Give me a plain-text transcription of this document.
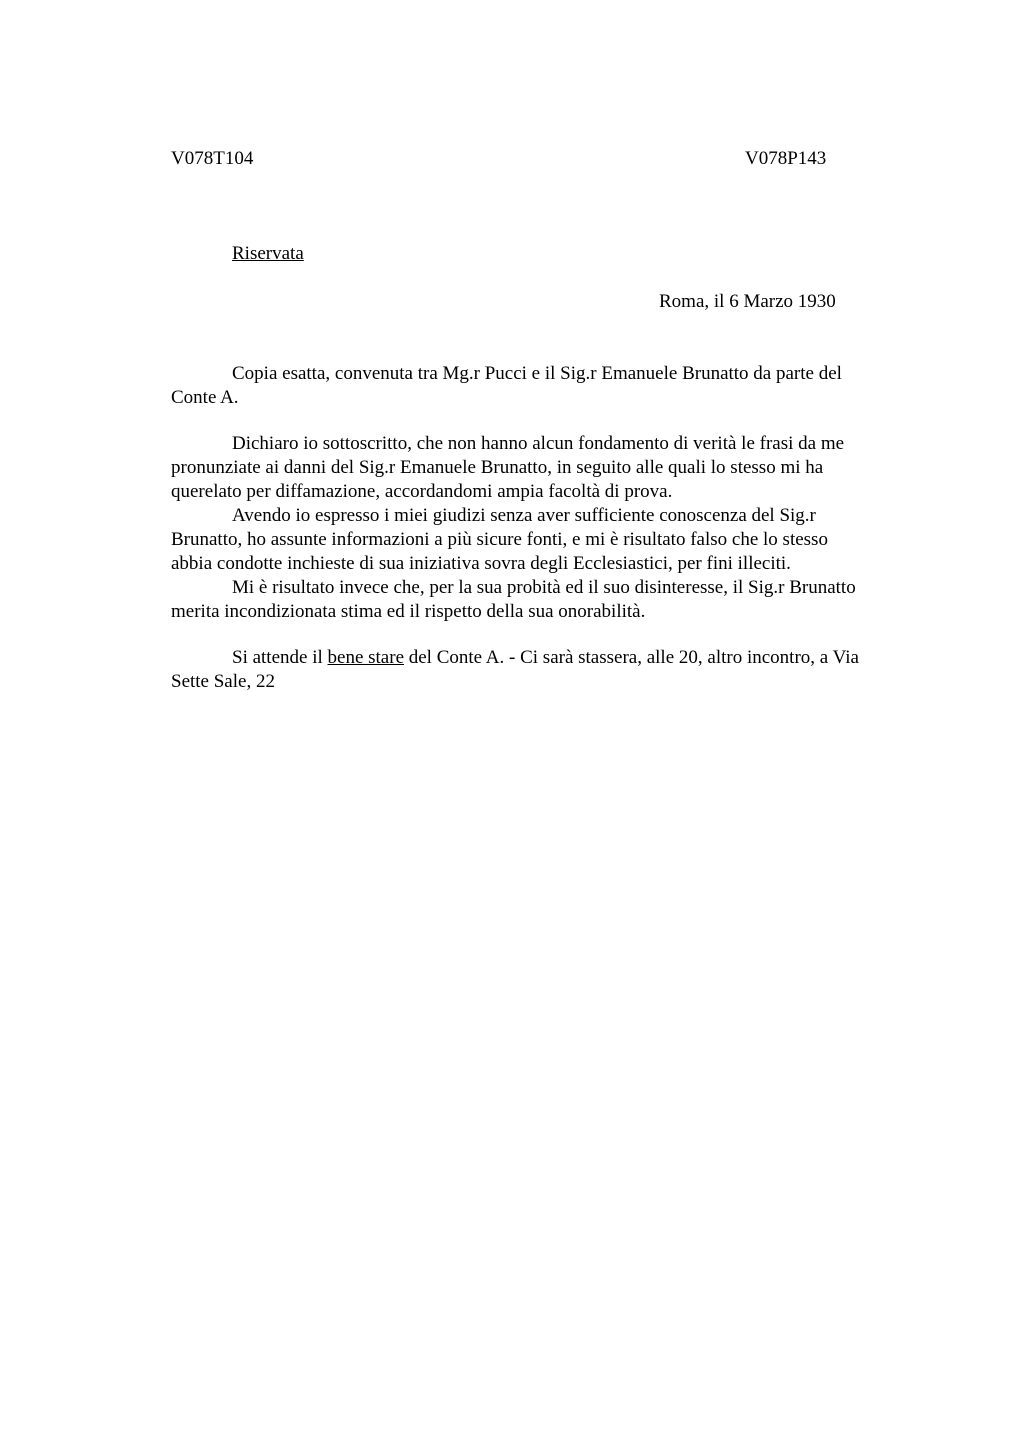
V078T104	V078P143
Riservata
Roma, il 6 Marzo 1930
Copia esatta, convenuta tra Mg.r Pucci e il Sig.r Emanuele Brunatto da parte del
Conte A.
Dichiaro io sottoscritto, che non hanno alcun fondamento di verità le frasi da me
pronunziate ai danni del Sig.r Emanuele Brunatto, in seguito alle quali lo stesso mi ha
querelato per diffamazione, accordandomi ampia facoltà di prova.
Avendo io espresso i miei giudizi senza aver sufficiente conoscenza del Sig.r
Brunatto, ho assunte informazioni a più sicure fonti, e mi è risultato falso che lo stesso
abbia condotte inchieste di sua iniziativa sovra degli Ecclesiastici, per fini illeciti.
Mi è risultato invece che, per la sua probità ed il suo disinteresse, il Sig.r Brunatto
merita incondizionata stima ed il rispetto della sua onorabilità.
Si attende il bene stare del Conte A. - Ci sarà stassera, alle 20, altro incontro, a Via
Sette Sale, 22
